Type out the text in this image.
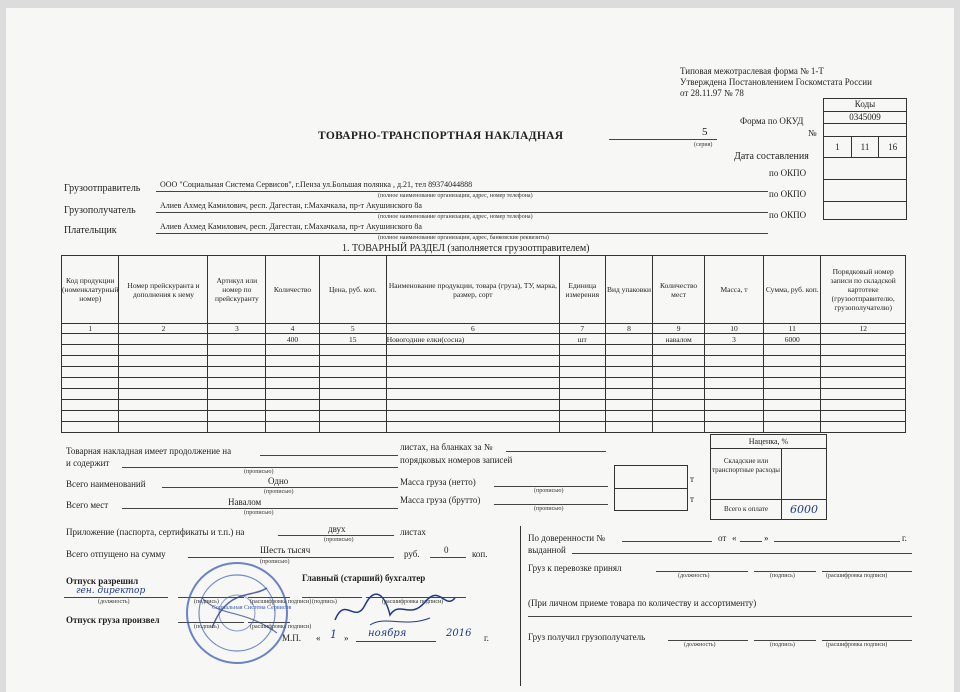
Типовая межотраслевая форма № 1-Т
Утверждена Постановлением Госкомстата России
от 28.11.97 № 78
Форма по ОКУД
№
Дата составления
по ОКПО
по ОКПО
по ОКПО
Коды
0345009
1	11	16
ТОВАРНО-ТРАНСПОРТНАЯ НАКЛАДНАЯ	5
(серия)
Грузоотправитель ООО "Социальная Система Сервисов", г.Пенза ул.Большая полянка , д.21, тел 89374044888
(полное наименование организации, адрес, номер телефона)
Грузополучатель	Алиев Ахмед Камилович, респ. Дагестан, г.Махачкала, пр-т Акушинского 8а
(полное наименование организации, адрес, номер телефона)
Плательщик	Алиев Ахмед Камилович, респ. Дагестан, г.Махачкала, пр-т Акушинского 8а
(полное наименование организации, адрес, банковские реквизиты)
1. ТОВАРНЫЙ РАЗДЕЛ (заполняется грузоотправителем)
Код продукции (номенклатурный номер)	Номер прейскуранта и дополнения к нему	Артикул или номер по прейскуранту	Количество	Цена, руб. коп.	Наименование продукции, товара (груза), ТУ, марка, размер, сорт	Единица измерения	Вид упаковки	Количество мест	Масса, т	Сумма, руб. коп.	Порядковый номер записи по складской картотеке (грузоотправителю, грузополучателю)
1	2	3	4	5	6	7	8	9	10	11	12
			400	15	Новогодние елки(сосна)	шт		навалом	3	6000	

Наценка, %
Складские или транспортные расходы
Всего к оплате	6000
Товарная накладная имеет продолжение на
и содержит
(прописью)
листах, на бланках за №
порядковых номеров записей
Всего наименований	Одно
(прописью)
Всего мест	Навалом
(прописью)
Масса груза (нетто)
(прописью)
Масса груза (брутто)
(прописью)
т
т
Приложение (паспорта, сертификаты и т.п.) на	двух
(прописью)
листах
Всего отпущено на сумму	Шесть тысяч
(прописью)
руб.	0	коп.
Отпуск разрешил
ген. директор
(должность)	(подпись)	(расшифровка подписи)
Главный (старший) бухгалтер
(подпись)	(расшифровка подписи)
Отпуск груза произвел
(подпись)	(расшифровка подписи)
М.П. « 1 » ноября	2016 г.
Социальная Система Сервисов
По доверенности №	от «	»	г.
выданной
Груз к перевозке принял
(должность)	(подпись)	(расшифровка подписи)
(При личном приеме товара по количеству и ассортименту)
Груз получил грузополучатель
(должность)	(подпись)	(расшифровка подписи)
